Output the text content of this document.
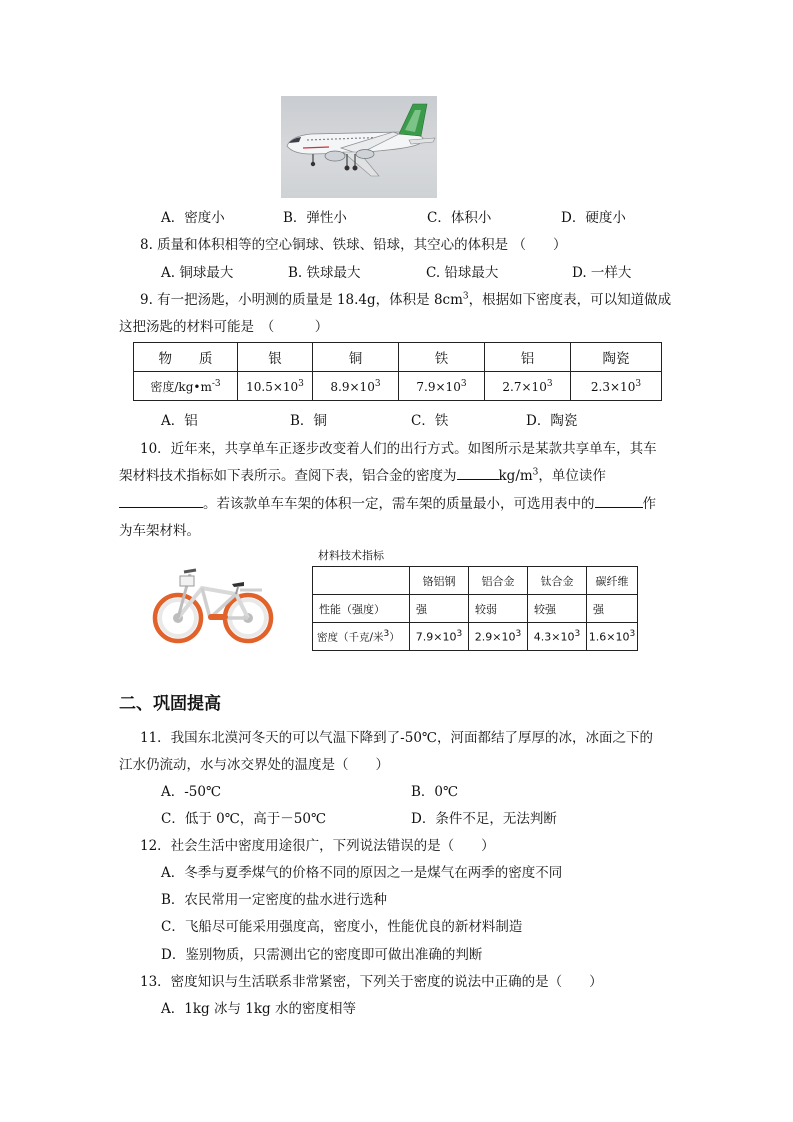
A．密度小	B．弹性小	C．体积小	D．硬度小
8. 质量和体积相等的空心铜球、铁球、铅球，其空心的体积是 （　　）
A. 铜球最大	B. 铁球最大	C. 铅球最大	D. 一样大
9. 有一把汤匙，小明测的质量是 18.4g，体积是 $8cm^3$，根据如下密度表，可以知道做成
这把汤匙的材料可能是　（　　　）
物　　质	银	铜	铁	铝	陶瓷
密度$/kg•m^{-3}$	$10.5\times 10^3$	$8.9\times 10^3$	$7.9\times 10^3$	$2.7\times 10^3$	$2.3\times 10^3$
A．铝	B．铜	C．铁	D．陶瓷
10．近年来，共享单车正逐步改变着人们的出行方式。如图所示是某款共享单车，其车
架材料技术指标如下表所示。查阅下表，铝合金的密度为	$kg/m^3$，单位读作
。若该款单车车架的体积一定，需车架的质量最小，可选用表中的	作
为车架材料。
材料技术指标
	铬铝钢	铝合金	钛合金	碳纤维
性能（强度）	强	较弱	较强	强
密度（千克/米3）	$7.9\times 10^3$	$2.9\times 10^3$	$4.3\times 10^3$	$1.6\times 10^3$
二、巩固提高
11．我国东北漠河冬天的可以气温下降到了-50℃，河面都结了厚厚的冰，冰面之下的
江水仍流动，水与冰交界处的温度是（　　）
A．-50℃	B．0℃
C．低于 0℃，高于－50℃	D．条件不足，无法判断
12．社会生活中密度用途很广，下列说法错误的是（　　）
A．冬季与夏季煤气的价格不同的原因之一是煤气在两季的密度不同
B．农民常用一定密度的盐水进行选种
C．飞船尽可能采用强度高，密度小，性能优良的新材料制造
D．鉴别物质，只需测出它的密度即可做出准确的判断
13．密度知识与生活联系非常紧密，下列关于密度的说法中正确的是（　　）
A．1kg 冰与 1kg 水的密度相等
